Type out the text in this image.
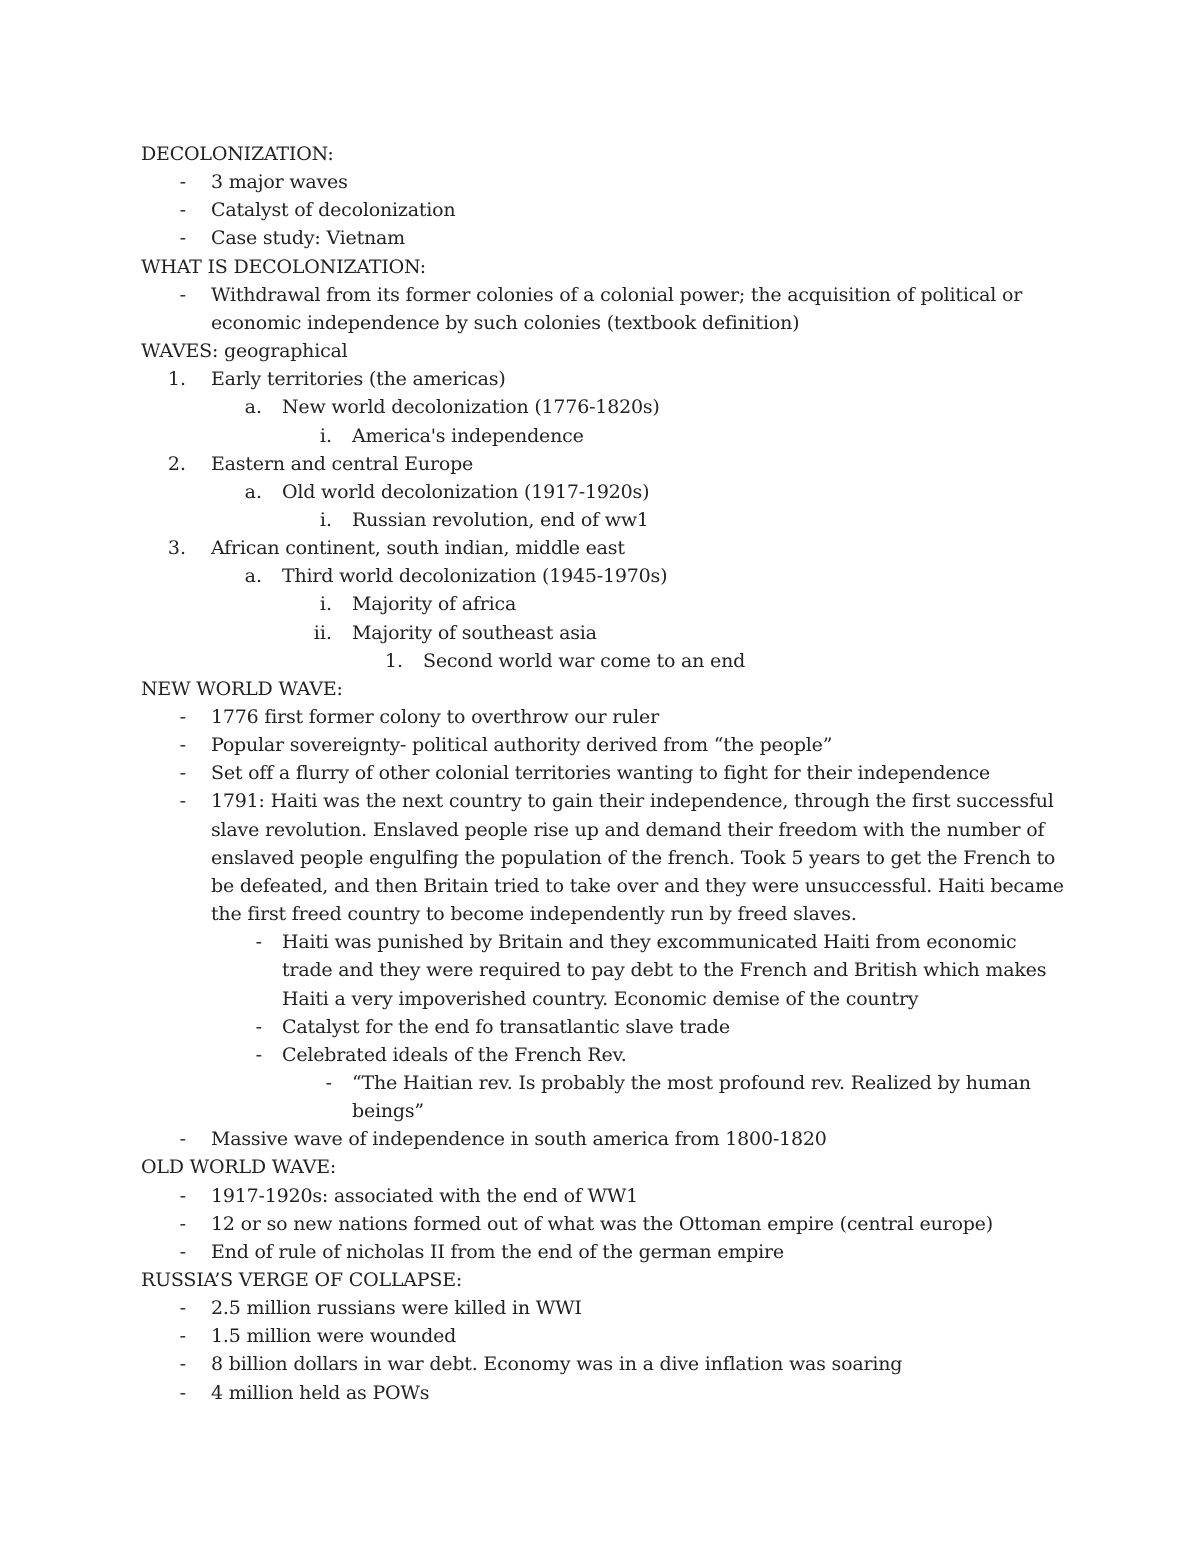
DECOLONIZATION:
- 3 major waves
- Catalyst of decolonization
- Case study: Vietnam
WHAT IS DECOLONIZATION:
- Withdrawal from its former colonies of a colonial power; the acquisition of political or
economic independence by such colonies (textbook definition)
WAVES: geographical
1. Early territories (the americas)
a. New world decolonization (1776-1820s)
i. America's independence
2. Eastern and central Europe
a. Old world decolonization (1917-1920s)
i. Russian revolution, end of ww1
3. African continent, south indian, middle east
a. Third world decolonization (1945-1970s)
i. Majority of africa
ii. Majority of southeast asia
1. Second world war come to an end
NEW WORLD WAVE:
- 1776 first former colony to overthrow our ruler
- Popular sovereignty- political authority derived from “the people”
- Set off a flurry of other colonial territories wanting to fight for their independence
- 1791: Haiti was the next country to gain their independence, through the first successful
slave revolution. Enslaved people rise up and demand their freedom with the number of
enslaved people engulfing the population of the french. Took 5 years to get the French to
be defeated, and then Britain tried to take over and they were unsuccessful. Haiti became
the first freed country to become independently run by freed slaves.
- Haiti was punished by Britain and they excommunicated Haiti from economic
trade and they were required to pay debt to the French and British which makes
Haiti a very impoverished country. Economic demise of the country
- Catalyst for the end fo transatlantic slave trade
- Celebrated ideals of the French Rev.
- “The Haitian rev. Is probably the most profound rev. Realized by human
beings”
- Massive wave of independence in south america from 1800-1820
OLD WORLD WAVE:
- 1917-1920s: associated with the end of WW1
- 12 or so new nations formed out of what was the Ottoman empire (central europe)
- End of rule of nicholas II from the end of the german empire
RUSSIA’S VERGE OF COLLAPSE:
- 2.5 million russians were killed in WWI
- 1.5 million were wounded
- 8 billion dollars in war debt. Economy was in a dive inflation was soaring
- 4 million held as POWs
